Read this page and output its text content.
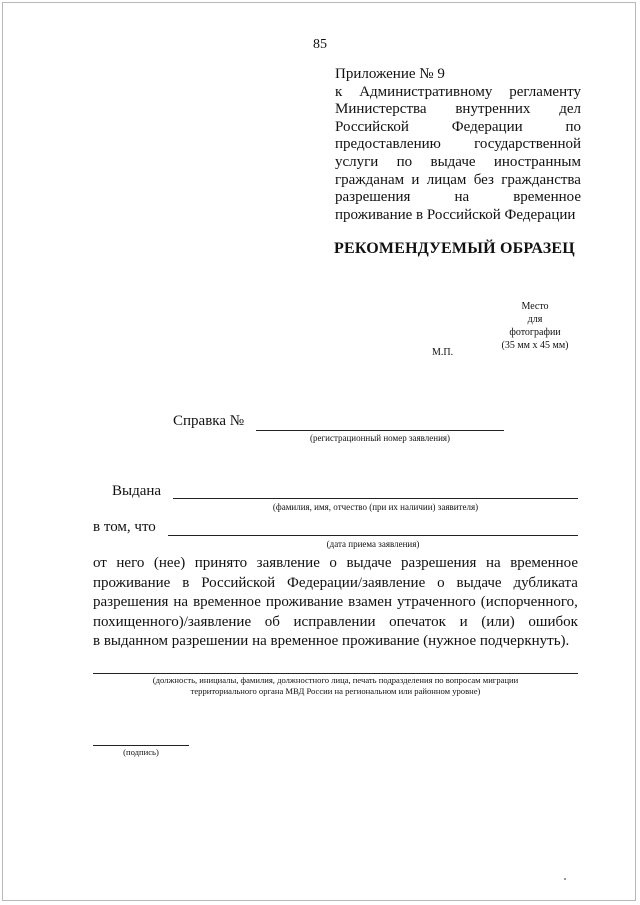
85
Приложение № 9
к Административному регламенту
Министерства внутренних дел
Российской	Федерации	по
предоставлению государственной
услуги по выдаче иностранным
гражданам и лицам без гражданства
разрешения	на	временное
проживание в Российской Федерации
РЕКОМЕНДУЕМЫЙ ОБРАЗЕЦ
Место
для
фотографии
(35 мм х 45 мм)
М.П.
Справка №
(регистрационный номер заявления)
Выдана
(фамилия, имя, отчество (при их наличии) заявителя)
в том, что
(дата приема заявления)
от него (нее) принято заявление о выдаче разрешения на временное
проживание в Российской Федерации/заявление о выдаче дубликата
разрешения на временное проживание взамен утраченного (испорченного,
похищенного)/заявление об исправлении опечаток и (или) ошибок
в выданном разрешении на временное проживание (нужное подчеркнуть).
(должность, инициалы, фамилия, должностного лица, печать подразделения по вопросам миграции
территориального органа МВД России на региональном или районном уровне)
(подпись)
